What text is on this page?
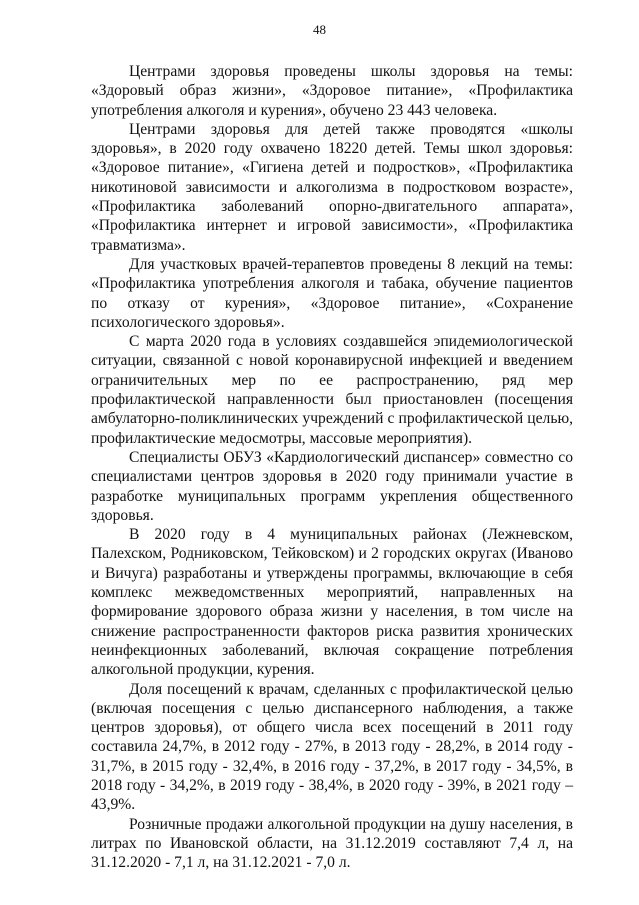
48

Центрами здоровья проведены школы здоровья на темы: «Здоровый образ жизни», «Здоровое питание», «Профилактика употребления алкоголя и курения», обучено 23 443 человека.

Центрами здоровья для детей также проводятся «школы здоровья», в 2020 году охвачено 18220 детей. Темы школ здоровья: «Здоровое питание», «Гигиена детей и подростков», «Профилактика никотиновой зависимости и алкоголизма в подростковом возрасте», «Профилактика заболеваний опорно-двигательного аппарата», «Профилактика интернет и игровой зависимости», «Профилактика травматизма».

Для участковых врачей-терапевтов проведены 8 лекций на темы: «Профилактика употребления алкоголя и табака, обучение пациентов по отказу от курения», «Здоровое питание», «Сохранение психологического здоровья».

С марта 2020 года в условиях создавшейся эпидемиологической ситуации, связанной с новой коронавирусной инфекцией и введением ограничительных мер по ее распространению, ряд мер профилактической направленности был приостановлен (посещения амбулаторно-поликлинических учреждений с профилактической целью, профилактические медосмотры, массовые мероприятия).

Специалисты ОБУЗ «Кардиологический диспансер» совместно со специалистами центров здоровья в 2020 году принимали участие в разработке муниципальных программ укрепления общественного здоровья.

В 2020 году в 4 муниципальных районах (Лежневском, Палехском, Родниковском, Тейковском) и 2 городских округах (Иваново и Вичуга) разработаны и утверждены программы, включающие в себя комплекс межведомственных мероприятий, направленных на формирование здорового образа жизни у населения, в том числе на снижение распространенности факторов риска развития хронических неинфекционных заболеваний, включая сокращение потребления алкогольной продукции, курения.

Доля посещений к врачам, сделанных с профилактической целью (включая посещения с целью диспансерного наблюдения, а также центров здоровья), от общего числа всех посещений в 2011 году составила 24,7%, в 2012 году - 27%, в 2013 году - 28,2%, в 2014 году - 31,7%, в 2015 году - 32,4%, в 2016 году - 37,2%, в 2017 году - 34,5%, в 2018 году - 34,2%, в 2019 году - 38,4%, в 2020 году - 39%, в 2021 году – 43,9%.

Розничные продажи алкогольной продукции на душу населения, в литрах по Ивановской области, на 31.12.2019 составляют 7,4 л, на 31.12.2020 - 7,1 л, на 31.12.2021 - 7,0 л.
